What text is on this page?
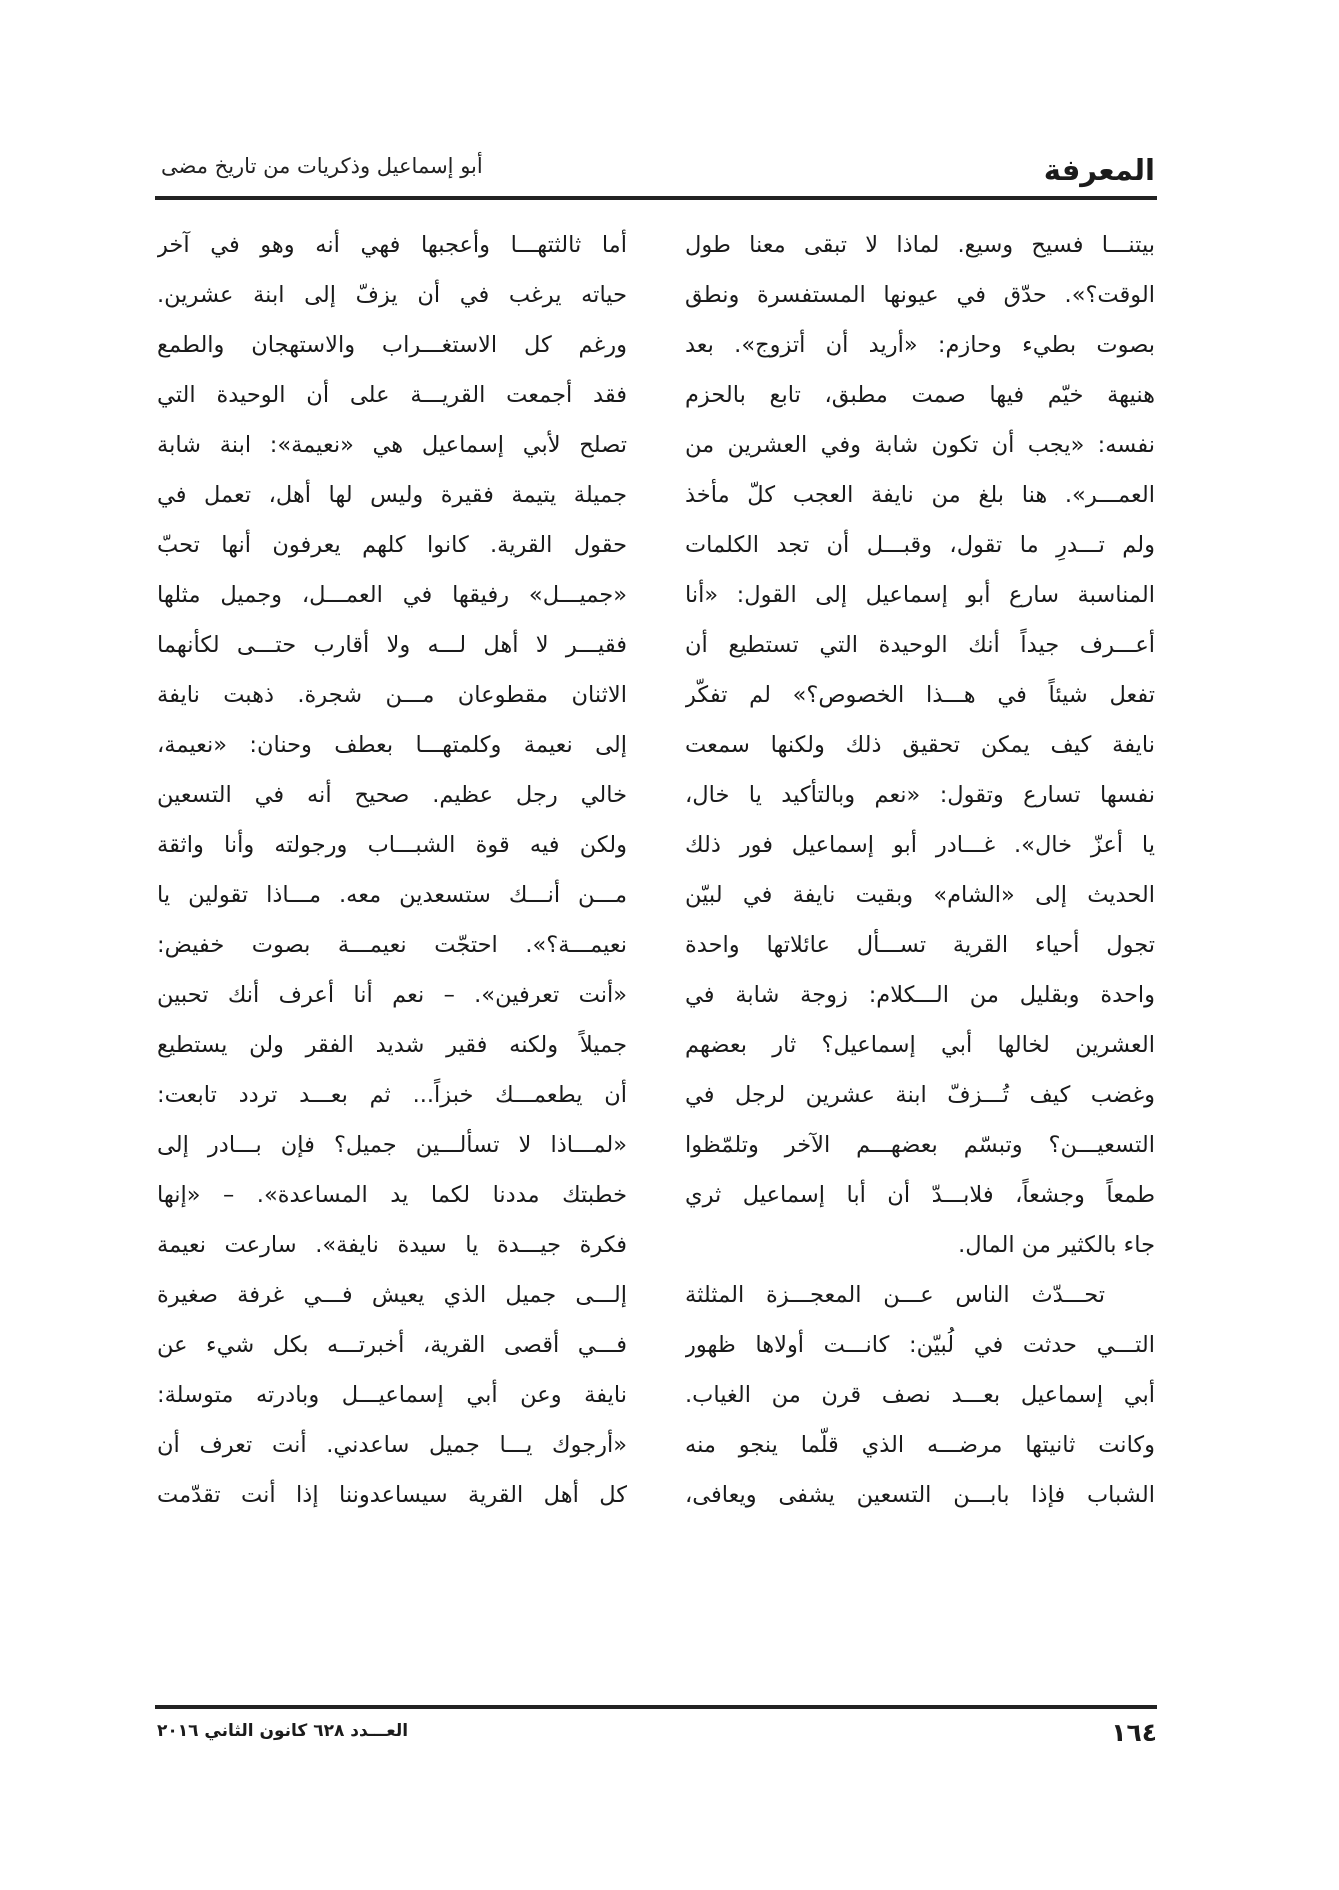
المعرفة
أبو إسماعيل وذكريات من تاريخ مضى

بيتنـــا فسيح وسيع. لماذا لا تبقى معنا طول

الوقت؟». حدّق في عيونها المستفسرة ونطق

بصوت بطيء وحازم: «أريد أن أتزوج». بعد

هنيهة خيّم فيها صمت مطبق، تابع بالحزم

نفسه: «يجب أن تكون شابة وفي العشرين من

العمـــر». هنا بلغ من نايفة العجب كلّ مأخذ

ولم تـــدرِ ما تقول، وقبـــل أن تجد الكلمات

المناسبة سارع أبو إسماعيل إلى القول: «أنا

أعـــرف جيداً أنك الوحيدة التي تستطيع أن

تفعل شيئاً في هـــذا الخصوص؟» لم تفكّر

نايفة كيف يمكن تحقيق ذلك ولكنها سمعت

نفسها تسارع وتقول: «نعم وبالتأكيد يا خال،

يا أعزّ خال». غـــادر أبو إسماعيل فور ذلك

الحديث إلى «الشام» وبقيت نايفة في لبيّن

تجول أحياء القرية تســـأل عائلاتها واحدة

واحدة وبقليل من الـــكلام: زوجة شابة في

العشرين لخالها أبي إسماعيل؟ ثار بعضهم

وغضب كيف تُـــزفّ ابنة عشرين لرجل في

التسعيـــن؟ وتبسّم بعضهـــم الآخر وتلمّظوا

طمعاً وجشعاً، فلابـــدّ أن أبا إسماعيل ثري

جاء بالكثير من المال.

تحـــدّث الناس عـــن المعجـــزة المثلثة

التـــي حدثت في لُبيّن: كانـــت أولاها ظهور

أبي إسماعيل بعـــد نصف قرن من الغياب.

وكانت ثانيتها مرضـــه الذي قلّما ينجو منه

الشباب فإذا بابـــن التسعين يشفى ويعافى،

أما ثالثتهـــا وأعجبها فهي أنه وهو في آخر

حياته يرغب في أن يزفّ إلى ابنة عشرين.

ورغم كل الاستغـــراب والاستهجان والطمع

فقد أجمعت القريـــة على أن الوحيدة التي

تصلح لأبي إسماعيل هي «نعيمة»: ابنة شابة

جميلة يتيمة فقيرة وليس لها أهل، تعمل في

حقول القرية. كانوا كلهم يعرفون أنها تحبّ

«جميـــل» رفيقها في العمـــل، وجميل مثلها

فقيـــر لا أهل لـــه ولا أقارب حتـــى لكأنهما

الاثنان مقطوعان مـــن شجرة. ذهبت نايفة

إلى نعيمة وكلمتهـــا بعطف وحنان: «نعيمة،

خالي رجل عظيم. صحيح أنه في التسعين

ولكن فيه قوة الشبـــاب ورجولته وأنا واثقة

مـــن أنـــك ستسعدين معه. مـــاذا تقولين يا

نعيمـــة؟». احتجّت نعيمـــة بصوت خفيض:

«أنت تعرفين». – نعم أنا أعرف أنك تحبين

جميلاً ولكنه فقير شديد الفقر ولن يستطيع

أن يطعمـــك خبزاً... ثم بعـــد تردد تابعت:

«لمـــاذا لا تسألـــين جميل؟ فإن بـــادر إلى

خطبتك مددنا لكما يد المساعدة». – «إنها

فكرة جيـــدة يا سيدة نايفة». سارعت نعيمة

إلـــى جميل الذي يعيش فـــي غرفة صغيرة

فـــي أقصى القرية، أخبرتـــه بكل شيء عن

نايفة وعن أبي إسماعيـــل وبادرته متوسلة:

«أرجوك يـــا جميل ساعدني. أنت تعرف أن

كل أهل القرية سيساعدوننا إذا أنت تقدّمت

١٦٤
العـــدد ٦٢٨ كانون الثاني ٢٠١٦
